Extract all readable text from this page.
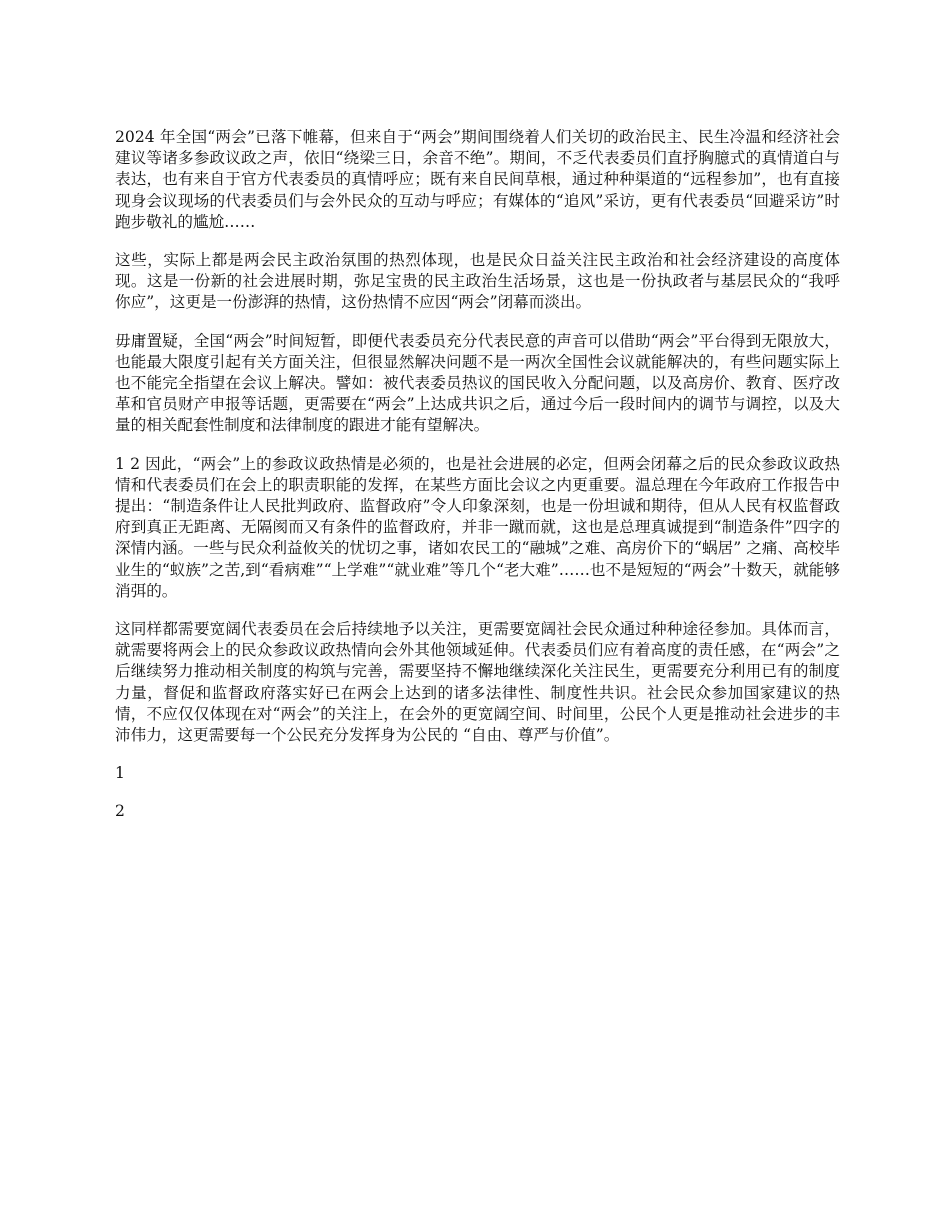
2024 年全国“两会”已落下帷幕，但来自于“两会”期间围绕着人们关切的政治民主、民生冷温和经济社会建议等诸多参政议政之声，依旧“绕梁三日，余音不绝”。期间，不乏代表委员们直抒胸臆式的真情道白与表达，也有来自于官方代表委员的真情呼应；既有来自民间草根，通过种种渠道的“远程参加”，也有直接现身会议现场的代表委员们与会外民众的互动与呼应；有媒体的“追风”采访，更有代表委员“回避采访”时跑步敬礼的尴尬……

这些，实际上都是两会民主政治氛围的热烈体现，也是民众日益关注民主政治和社会经济建设的高度体现。这是一份新的社会进展时期，弥足宝贵的民主政治生活场景，这也是一份执政者与基层民众的“我呼你应”，这更是一份澎湃的热情，这份热情不应因“两会”闭幕而淡出。

毋庸置疑，全国“两会”时间短暂，即便代表委员充分代表民意的声音可以借助“两会”平台得到无限放大，也能最大限度引起有关方面关注，但很显然解决问题不是一两次全国性会议就能解决的，有些问题实际上也不能完全指望在会议上解决。譬如：被代表委员热议的国民收入分配问题，以及高房价、教育、医疗改革和官员财产申报等话题，更需要在“两会”上达成共识之后，通过今后一段时间内的调节与调控，以及大量的相关配套性制度和法律制度的跟进才能有望解决。

1 2 因此，“两会”上的参政议政热情是必须的，也是社会进展的必定，但两会闭幕之后的民众参政议政热情和代表委员们在会上的职责职能的发挥，在某些方面比会议之内更重要。温总理在今年政府工作报告中提出：“制造条件让人民批判政府、监督政府”令人印象深刻，也是一份坦诚和期待，但从人民有权监督政府到真正无距离、无隔阂而又有条件的监督政府，并非一蹴而就，这也是总理真诚提到“制造条件”四字的深情内涵。一些与民众利益攸关的忧切之事，诸如农民工的“融城”之难、高房价下的“蜗居” 之痛、高校毕业生的“蚁族”之苦,到“看病难”“上学难”“就业难”等几个“老大难”……也不是短短的“两会”十数天，就能够消弭的。

这同样都需要宽阔代表委员在会后持续地予以关注，更需要宽阔社会民众通过种种途径参加。具体而言，就需要将两会上的民众参政议政热情向会外其他领域延伸。代表委员们应有着高度的责任感，在“两会”之后继续努力推动相关制度的构筑与完善，需要坚持不懈地继续深化关注民生，更需要充分利用已有的制度力量，督促和监督政府落实好已在两会上达到的诸多法律性、制度性共识。社会民众参加国家建议的热情，不应仅仅体现在对“两会”的关注上，在会外的更宽阔空间、时间里，公民个人更是推动社会进步的丰沛伟力，这更需要每一个公民充分发挥身为公民的 “自由、尊严与价值”。

1

2
